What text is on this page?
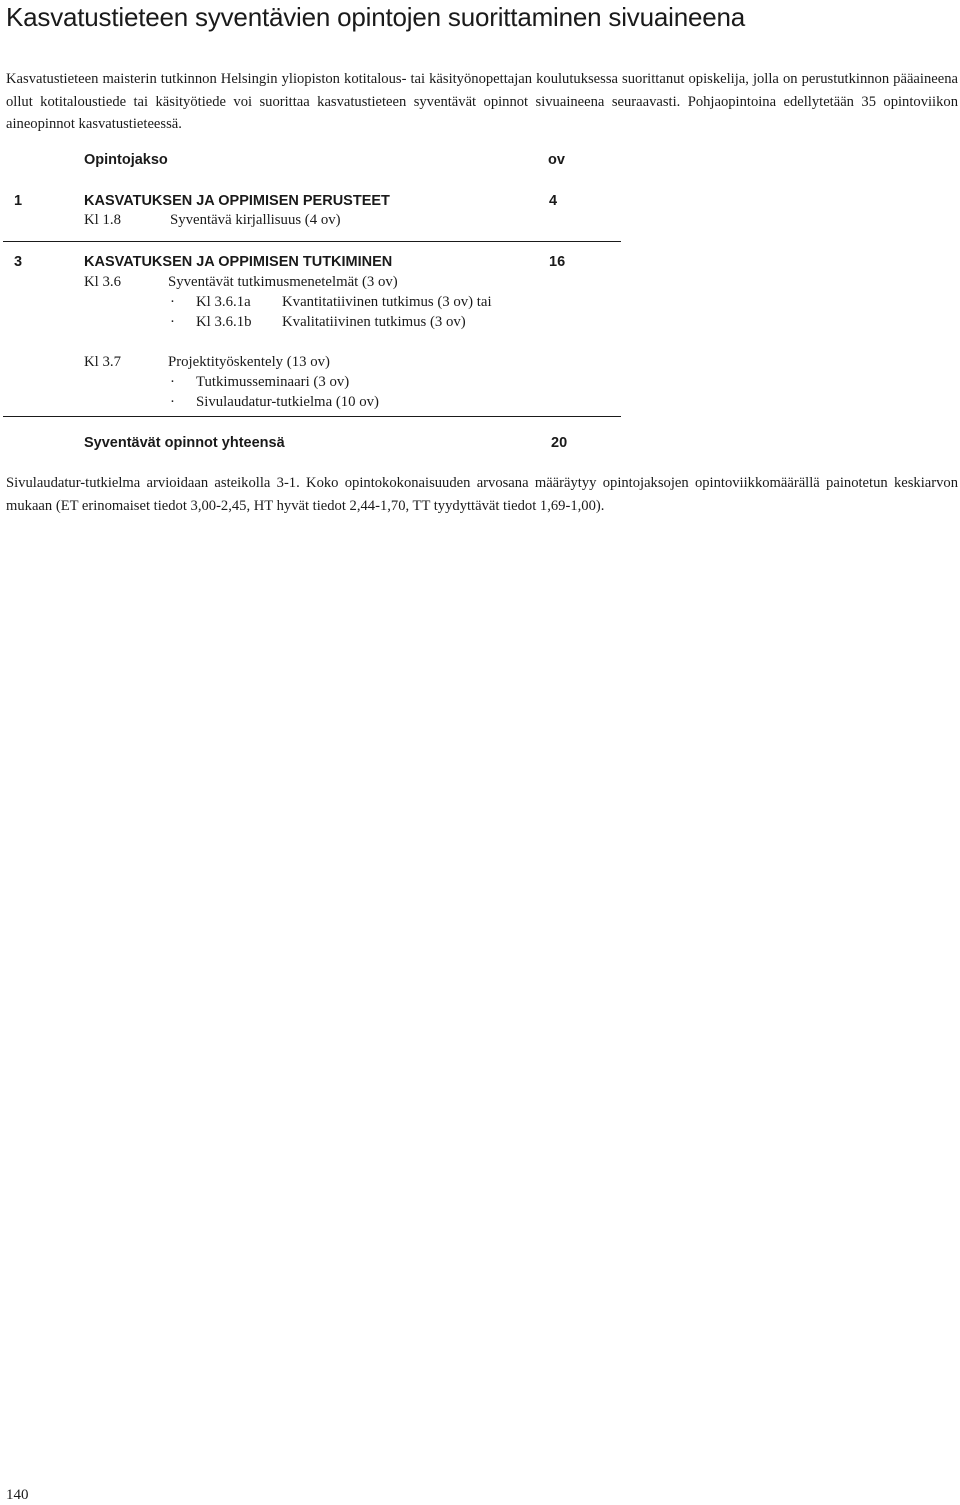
Kasvatustieteen syventävien opintojen suorittaminen sivuaineena

Kasvatustieteen maisterin tutkinnon Helsingin yliopiston kotitalous- tai käsityönopettajan koulutuksessa suorittanut opiskelija, jolla on perustutkinnon pääaineena ollut kotitaloustiede tai käsityötiede voi suorittaa kasvatustieteen syventävät opinnot sivuaineena seuraavasti. Pohjaopintoina edellytetään 35 opintoviikon aineopinnot kasvatustieteessä.

Opintojakso	ov
1	KASVATUKSEN JA OPPIMISEN PERUSTEET	4
Kl 1.8	Syventävä kirjallisuus (4 ov)
3	KASVATUKSEN JA OPPIMISEN TUTKIMINEN	16
Kl 3.6	Syventävät tutkimusmenetelmät (3 ov)
· Kl 3.6.1a Kvantitatiivinen tutkimus (3 ov) tai
· Kl 3.6.1b Kvalitatiivinen tutkimus (3 ov)
Kl 3.7	Projektityöskentely (13 ov)
· Tutkimusseminaari (3 ov)
· Sivulaudatur-tutkielma (10 ov)
Syventävät opinnot yhteensä	20

Sivulaudatur-tutkielma arvioidaan asteikolla 3-1. Koko opintokokonaisuuden arvosana määräytyy opintojaksojen opintoviikkomäärällä painotetun keskiarvon mukaan (ET erinomaiset tiedot 3,00-2,45, HT hyvät tiedot 2,44-1,70, TT tyydyttävät tiedot 1,69-1,00).

140
